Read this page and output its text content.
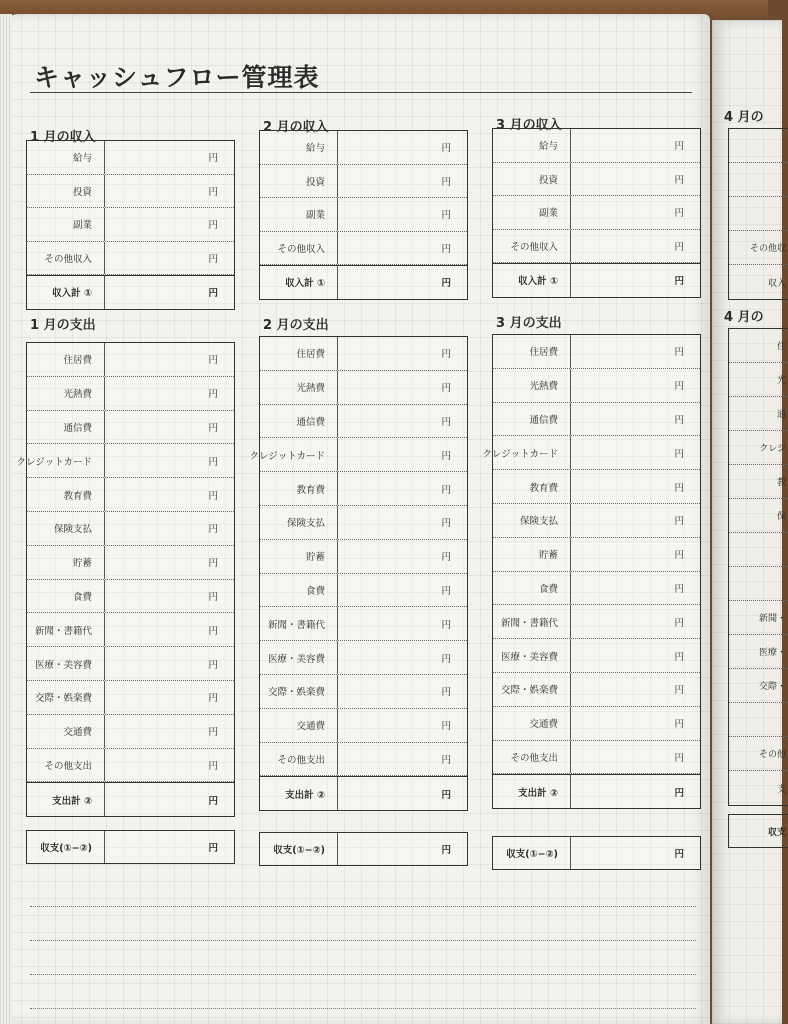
キャッシュフロー管理表
1 月の収入
給与	円
投資	円
副業	円
その他収入	円
収入計 ①	円
1 月の支出
住居費	円
光熱費	円
通信費	円
クレジットカード	円
教育費	円
保険支払	円
貯蓄	円
食費	円
新聞・書籍代	円
医療・美容費	円
交際・娯楽費	円
交通費	円
その他支出	円
支出計 ②	円
収支(①−②)	円
2 月の収入
給与	円
投資	円
副業	円
その他収入	円
収入計 ①	円
2 月の支出
住居費	円
光熱費	円
通信費	円
クレジットカード	円
教育費	円
保険支払	円
貯蓄	円
食費	円
新聞・書籍代	円
医療・美容費	円
交際・娯楽費	円
交通費	円
その他支出	円
支出計 ②	円
収支(①−②)	円
3 月の収入
給与	円
投資	円
副業	円
その他収入	円
収入計 ①	円
3 月の支出
住居費	円
光熱費	円
通信費	円
クレジットカード	円
教育費	円
保険支払	円
貯蓄	円
食費	円
新聞・書籍代	円
医療・美容費	円
交際・娯楽費	円
交通費	円
その他支出	円
支出計 ②	円
収支(①−②)	円
4 月の
その他収
収入
4 月の
住
光
通
クレジ
教
保
新聞・
医療・
交際・
その他
支
収支
